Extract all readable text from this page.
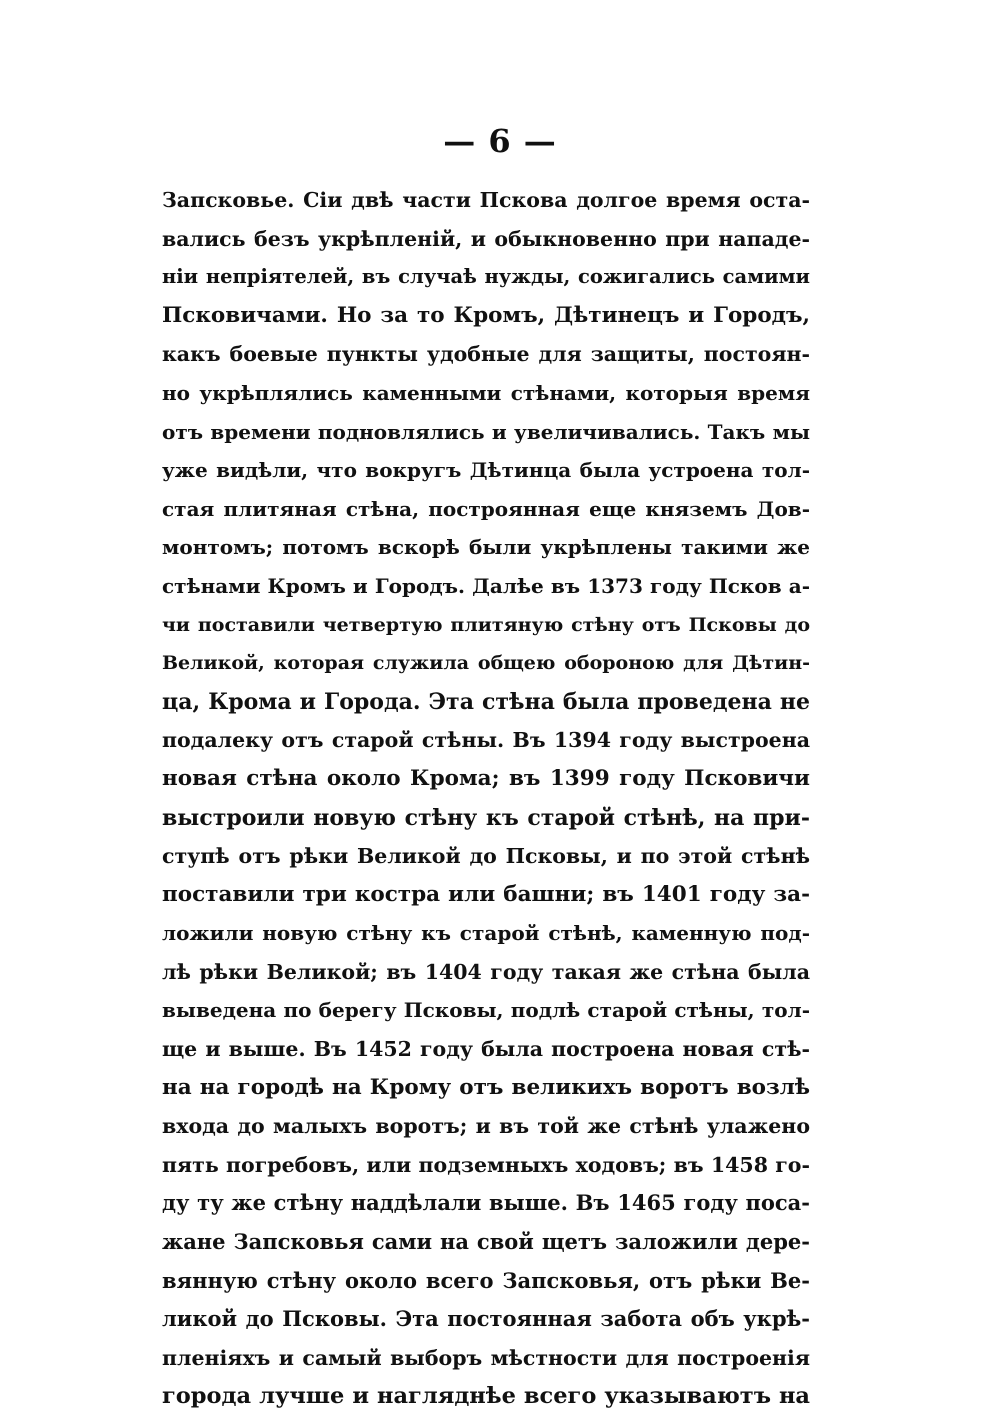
— 6 —
Запсковье. Сiи двѣ части Пскова долгое время оста-
вались безъ укрѣпленiй, и обыкновенно при нападе-
нiи непрiятелей, въ случаѣ нужды, сожигались самими
Псковичами. Но за то Кромъ, Дѣтинецъ и Городъ,
какъ боевые пункты удобные для защиты, постоян-
но укрѣплялись каменными стѣнами, которыя время
отъ времени подновлялись и увеличивались. Такъ мы
уже видѣли, что вокругъ Дѣтинца была устроена тол-
стая плитяная стѣна, построянная еще княземъ Дов-
монтомъ; потомъ вскорѣ были укрѣплены такими же
стѣнами Кромъ и Городъ. Далѣе въ 1373 году Псков а-
чи поставили четвертую плитяную стѣну отъ Псковы до
Великой, которая служила общею обороною для Дѣтин-
ца, Крома и Города. Эта стѣна была проведена не
подалеку отъ старой стѣны. Въ 1394 году выстроена
новая стѣна около Крома; въ 1399 году Псковичи
выстроили новую стѣну къ старой стѣнѣ, на при-
ступѣ отъ рѣки Великой до Псковы, и по этой стѣнѣ
поставили три костра или башни; въ 1401 году за-
ложили новую стѣну къ старой стѣнѣ, каменную под-
лѣ рѣки Великой; въ 1404 году такая же стѣна была
выведена по берегу Псковы, подлѣ старой стѣны, тол-
ще и выше. Въ 1452 году была построена новая стѣ-
на на городѣ на Крому отъ великихъ воротъ возлѣ
входа до малыхъ воротъ; и въ той же стѣнѣ улажено
пять погребовъ, или подземныхъ ходовъ; въ 1458 го-
ду ту же стѣну наддѣлали выше. Въ 1465 году поса-
жане Запсковья сами на свой щетъ заложили дере-
вянную стѣну около всего Запсковья, отъ рѣки Ве-
ликой до Псковы. Эта постоянная забота объ укрѣ-
пленiяхъ и самый выборъ мѣстности для построенiя
города лучше и нагляднѣе всего указываютъ на
